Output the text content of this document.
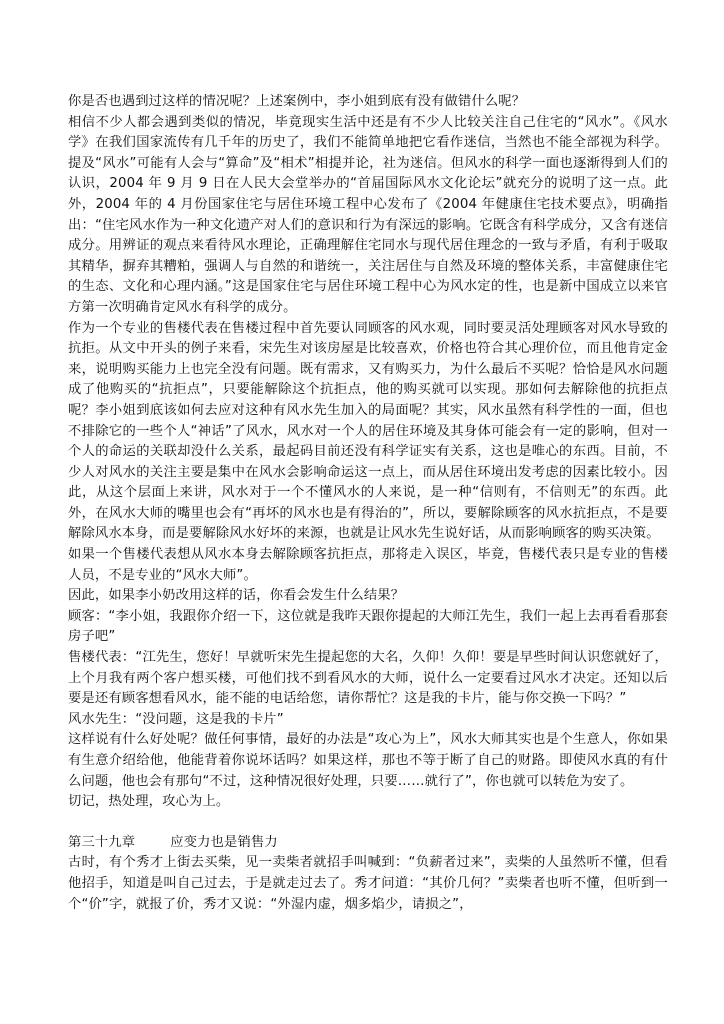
你是否也遇到过这样的情况呢？上述案例中，李小姐到底有没有做错什么呢？

相信不少人都会遇到类似的情况，毕竟现实生活中还是有不少人比较关注自己住宅的“风水”。《风水学》在我们国家流传有几千年的历史了，我们不能简单地把它看作迷信，当然也不能全部视为科学。提及“风水”可能有人会与“算命”及“相术”相提并论，社为迷信。但风水的科学一面也逐渐得到人们的认识，2004 年 9 月 9 日在人民大会堂举办的“首届国际风水文化论坛”就充分的说明了这一点。此外，2004 年的 4 月份国家住宅与居住环境工程中心发布了《2004 年健康住宅技术要点》，明确指出：“住宅风水作为一种文化遗产对人们的意识和行为有深远的影响。它既含有科学成分，又含有迷信成分。用辨证的观点来看待风水理论，正确理解住宅同水与现代居住理念的一致与矛盾，有利于吸取其精华，摒弃其糟粕，强调人与自然的和谐统一，关注居住与自然及环境的整体关系，丰富健康住宅的生态、文化和心理内涵。”这是国家住宅与居住环境工程中心为风水定的性，也是新中国成立以来官方第一次明确肯定风水有科学的成分。

作为一个专业的售楼代表在售楼过程中首先要认同顾客的风水观，同时要灵活处理顾客对风水导致的抗拒。从文中开头的例子来看，宋先生对该房屋是比较喜欢，价格也符合其心理价位，而且他肯定金来，说明购买能力上也完全没有问题。既有需求，又有购买力，为什么最后不买呢？恰恰是风水问题成了他购买的“抗拒点”，只要能解除这个抗拒点，他的购买就可以实现。那如何去解除他的抗拒点呢？李小姐到底该如何去应对这种有风水先生加入的局面呢？其实，风水虽然有科学性的一面，但也不排除它的一些个人“神话”了风水，风水对一个人的居住环境及其身体可能会有一定的影响，但对一个人的命运的关联却没什么关系，最起码目前还没有科学证实有关系，这也是唯心的东西。目前，不少人对风水的关注主要是集中在风水会影响命运这一点上，而从居住环境出发考虑的因素比较小。因此，从这个层面上来讲，风水对于一个不懂风水的人来说，是一种“信则有，不信则无”的东西。此外，在风水大师的嘴里也会有“再坏的风水也是有得治的”，所以，要解除顾客的风水抗拒点，不是要解除风水本身，而是要解除风水好坏的来源，也就是让风水先生说好话，从而影响顾客的购买决策。

如果一个售楼代表想从风水本身去解除顾客抗拒点，那将走入误区，毕竟，售楼代表只是专业的售楼人员，不是专业的“风水大师”。

因此，如果李小奶改用这样的话，你看会发生什么结果？

顾客：“李小姐，我跟你介绍一下，这位就是我昨天跟你提起的大师江先生，我们一起上去再看看那套房子吧”

售楼代表：“江先生，您好！早就听宋先生提起您的大名，久仰！久仰！要是早些时间认识您就好了，上个月我有两个客户想买楼，可他们找不到看风水的大师，说什么一定要看过风水才决定。还知以后要是还有顾客想看风水，能不能的电话给您，请你帮忙？这是我的卡片，能与你交换一下吗？”

风水先生：“没问题，这是我的卡片”

这样说有什么好处呢？做任何事情，最好的办法是“攻心为上”，风水大师其实也是个生意人，你如果有生意介绍给他，他能背着你说坏话吗？如果这样，那也不等于断了自己的财路。即使风水真的有什么问题，他也会有那句“不过，这种情况很好处理，只要……就行了”，你也就可以转危为安了。

切记，热处理，攻心为上。

第三十九章        应变力也是销售力

古时，有个秀才上街去买柴，见一卖柴者就招手叫喊到：“负薪者过来”，卖柴的人虽然听不懂，但看他招手，知道是叫自己过去，于是就走过去了。秀才问道：“其价几何？”卖柴者也听不懂，但听到一个“价”字，就报了价，秀才又说：“外湿内虚，烟多焰少，请损之”，
